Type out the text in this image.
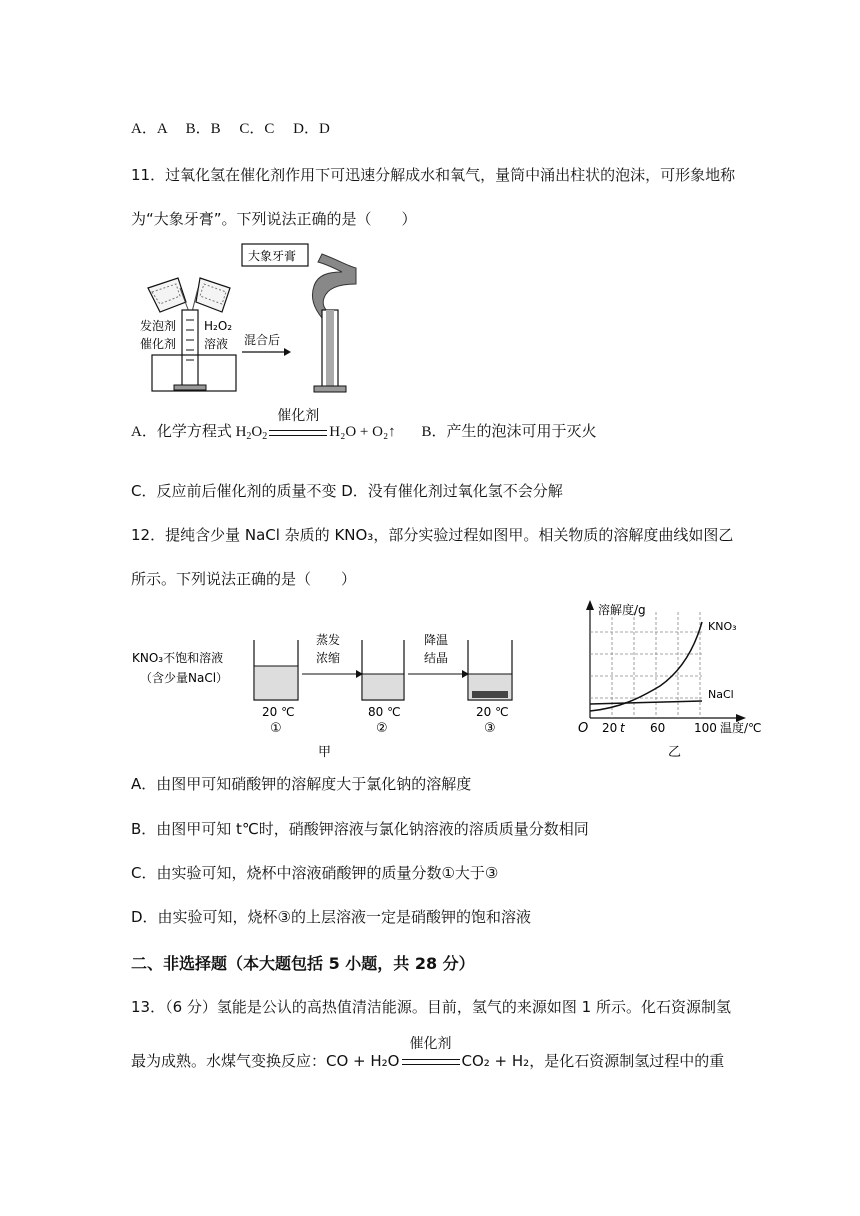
A．A　 B．B　 C．C　 D．D
11．过氧化氢在催化剂作用下可迅速分解成水和氧气，量筒中涌出柱状的泡沫，可形象地称
为“大象牙膏”。下列说法正确的是（　　）
发泡剂
催化剂
H₂O₂
溶液 混合后
大象牙膏
A．化学方程式 $H_2O_2$
催化剂
H₂O + O₂↑ B．产生的泡沫可用于灭火
C．反应前后催化剂的质量不变 D．没有催化剂过氧化氢不会分解
12．提纯含少量 NaCl 杂质的 KNO₃，部分实验过程如图甲。相关物质的溶解度曲线如图乙
所示。下列说法正确的是（　　）
KNO₃不饱和溶液
（含少量NaCl）
20 ℃
①
蒸发
浓缩
80 ℃
②
降温
结晶
20 ℃
③
甲
溶解度/g
KNO₃
NaCl
O 20 t 60 100 温度/℃
乙
A．由图甲可知硝酸钾的溶解度大于氯化钠的溶解度
B．由图甲可知 t℃时，硝酸钾溶液与氯化钠溶液的溶质质量分数相同
C．由实验可知，烧杯中溶液硝酸钾的质量分数①大于③
D．由实验可知，烧杯③的上层溶液一定是硝酸钾的饱和溶液
二、非选择题（本大题包括 5 小题，共 28 分）
13．（6 分）氢能是公认的高热值清洁能源。目前，氢气的来源如图 1 所示。化石资源制氢
最为成熟。水煤气变换反应：CO + H₂O
催化剂
CO₂ + H₂，是化石资源制氢过程中的重
